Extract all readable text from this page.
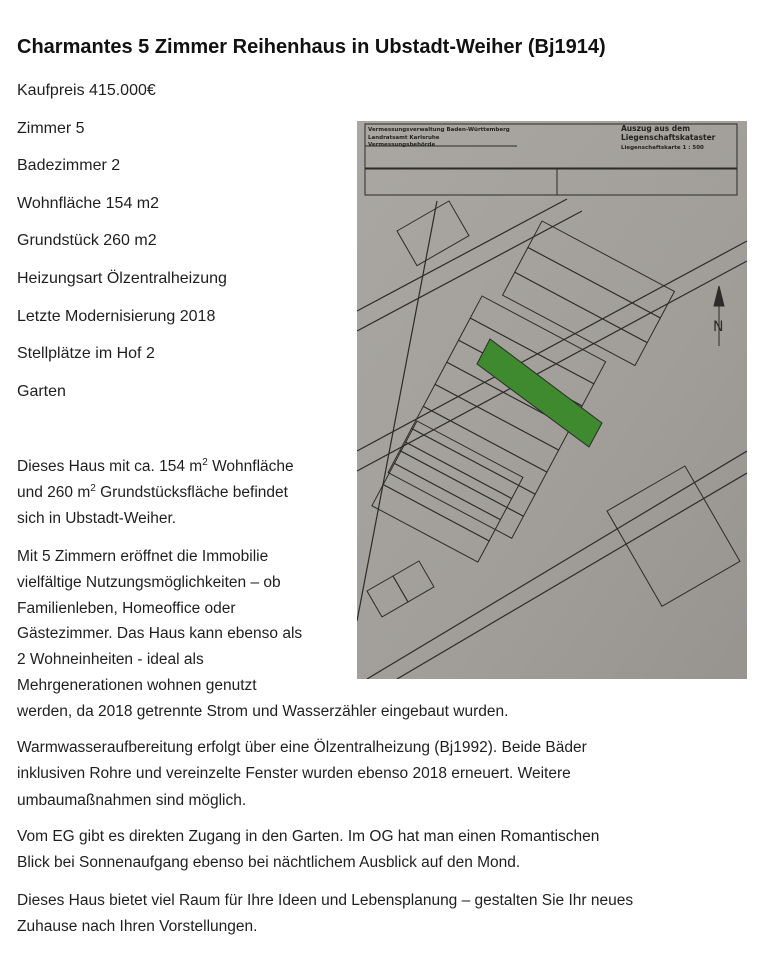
Charmantes 5 Zimmer Reihenhaus in Ubstadt-Weiher (Bj1914)
Kaufpreis 415.000€
Zimmer 5
Badezimmer 2
Wohnfläche 154 m2
Grundstück 260 m2
Heizungsart Ölzentralheizung
Letzte Modernisierung 2018
Stellplätze im Hof 2
Garten
Vermessungsverwaltung Baden-Württemberg
Landratsamt Karlsruhe
Vermessungsbehörde
Auszug aus dem
Liegenschaftskataster
Liegenschaftskarte 1 : 500
N
Dieses Haus mit ca. 154 $m^2$ Wohnfläche
und 260 $m^2$ Grundstücksfläche befindet
sich in Ubstadt-Weiher.
Mit 5 Zimmern eröffnet die Immobilie
vielfältige Nutzungsmöglichkeiten – ob
Familienleben, Homeoffice oder
Gästezimmer. Das Haus kann ebenso als
2 Wohneinheiten - ideal als
Mehrgenerationen wohnen genutzt
werden, da 2018 getrennte Strom und Wasserzähler eingebaut wurden.
Warmwasseraufbereitung erfolgt über eine Ölzentralheizung (Bj1992). Beide Bäder
inklusiven Rohre und vereinzelte Fenster wurden ebenso 2018 erneuert. Weitere
umbaumaßnahmen sind möglich.
Vom EG gibt es direkten Zugang in den Garten. Im OG hat man einen Romantischen
Blick bei Sonnenaufgang ebenso bei nächtlichem Ausblick auf den Mond.
Dieses Haus bietet viel Raum für Ihre Ideen und Lebensplanung – gestalten Sie Ihr neues
Zuhause nach Ihren Vorstellungen.
